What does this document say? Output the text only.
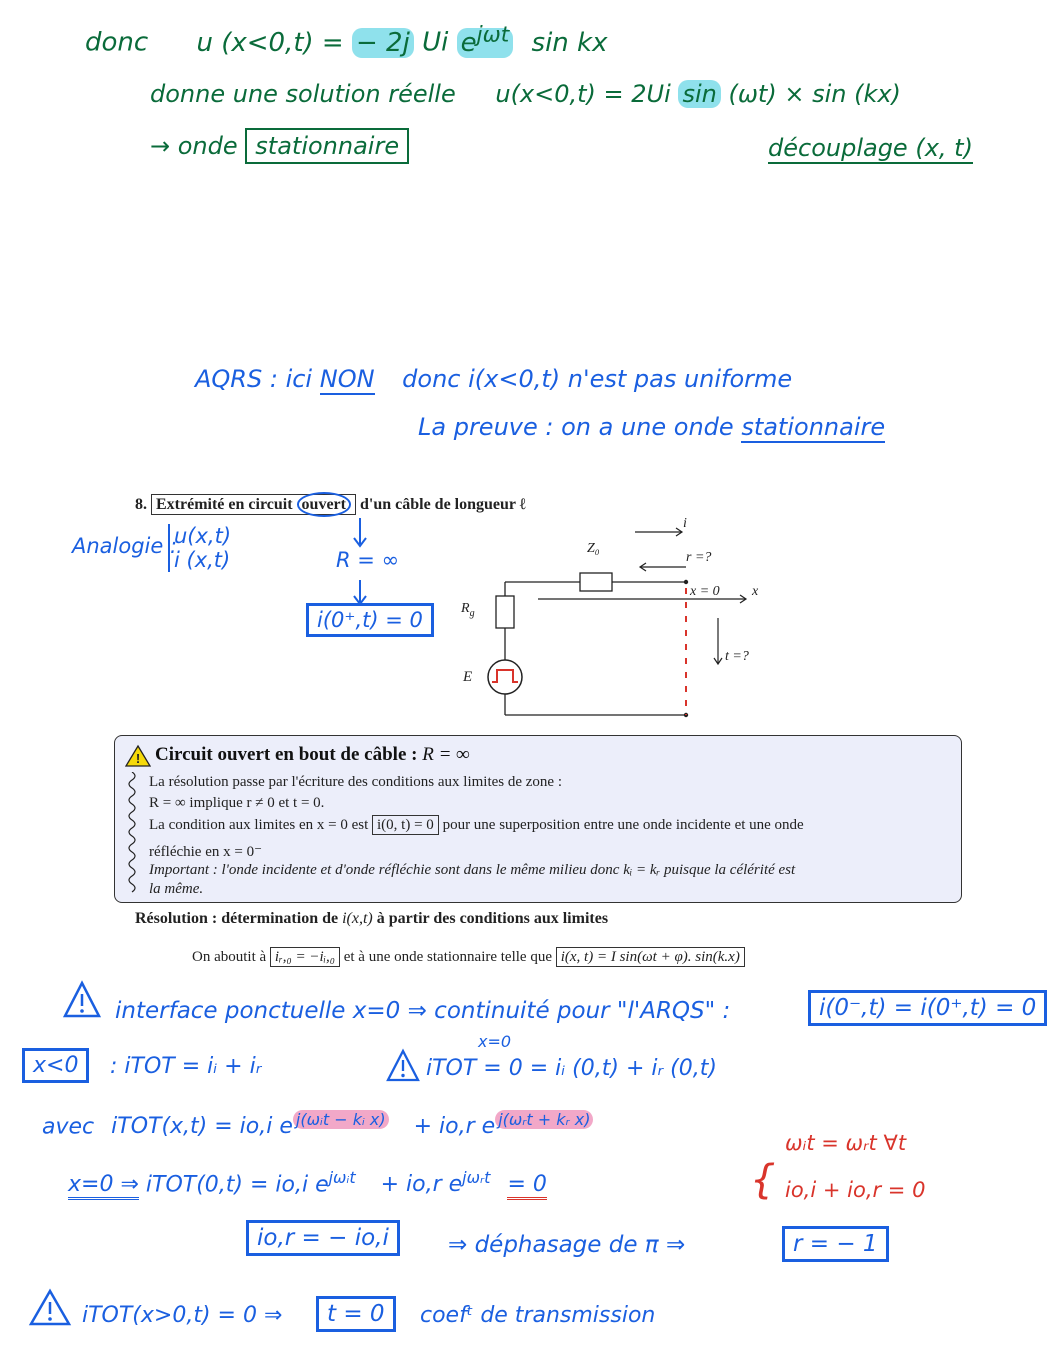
donc u (x<0,t) = − 2j Ui $e^{j\omega t}$ sin kx
donne une solution réelle u(x<0,t) = 2Ui sin (ωt) × sin (kx)
→ onde stationnaire	découplage (x, t)
AQRS : ici NON donc i(x<0,t) n'est pas uniforme
La preuve : on a une onde stationnaire
8. Extrémité en circuit ouvert d'un câble de longueur ℓ
Analogie :
u(x,t)
i (x,t)	R = ∞
i(0⁺,t) = 0
i
Z₀
r =?
x = 0 x
$R_g$
t =?
E
! Circuit ouvert en bout de câble : R = ∞
La résolution passe par l'écriture des conditions aux limites de zone :
R = ∞ implique r ≠ 0 et t = 0.
La condition aux limites en x = 0 est i(0, t) = 0 pour une superposition entre une onde incidente et une onde
réfléchie en x = 0⁻
Important : l'onde incidente et d'onde réfléchie sont dans le même milieu donc kᵢ = kᵣ puisque la célérité est
la même.
Résolution : détermination de i(x,t) à partir des conditions aux limites
On aboutit à iᵣ,₀ = −iᵢ,₀ et à une onde stationnaire telle que i(x, t) = I sin(ωt + φ). sin(k.x)
interface ponctuelle x=0 ⇒ continuité pour "l'ARQS" :	i(0⁻,t) = i(0⁺,t) = 0
x<0	: iTOT = iᵢ + iᵣ
x=0
iTOT = 0 = iᵢ (0,t) + iᵣ (0,t)
avec iTOT(x,t) = io,i e $^{j(\omega ᵢt - kᵢ x)}$ + io,r e $^{j(\omega ᵣt + kᵣ x)}$
x=0 ⇒ iTOT(0,t) = io,i $e^{j\omega ᵢt} + io,r$ $e^{j\omega ᵣt} = 0$	{
ωᵢt = ωᵣt ∀t
io,i + io,r = 0
io,r = − io,i	⇒ déphasage de π ⇒	r = − 1
iTOT(x>0,t) = 0 ⇒	t = 0	coefᵗ de transmission
